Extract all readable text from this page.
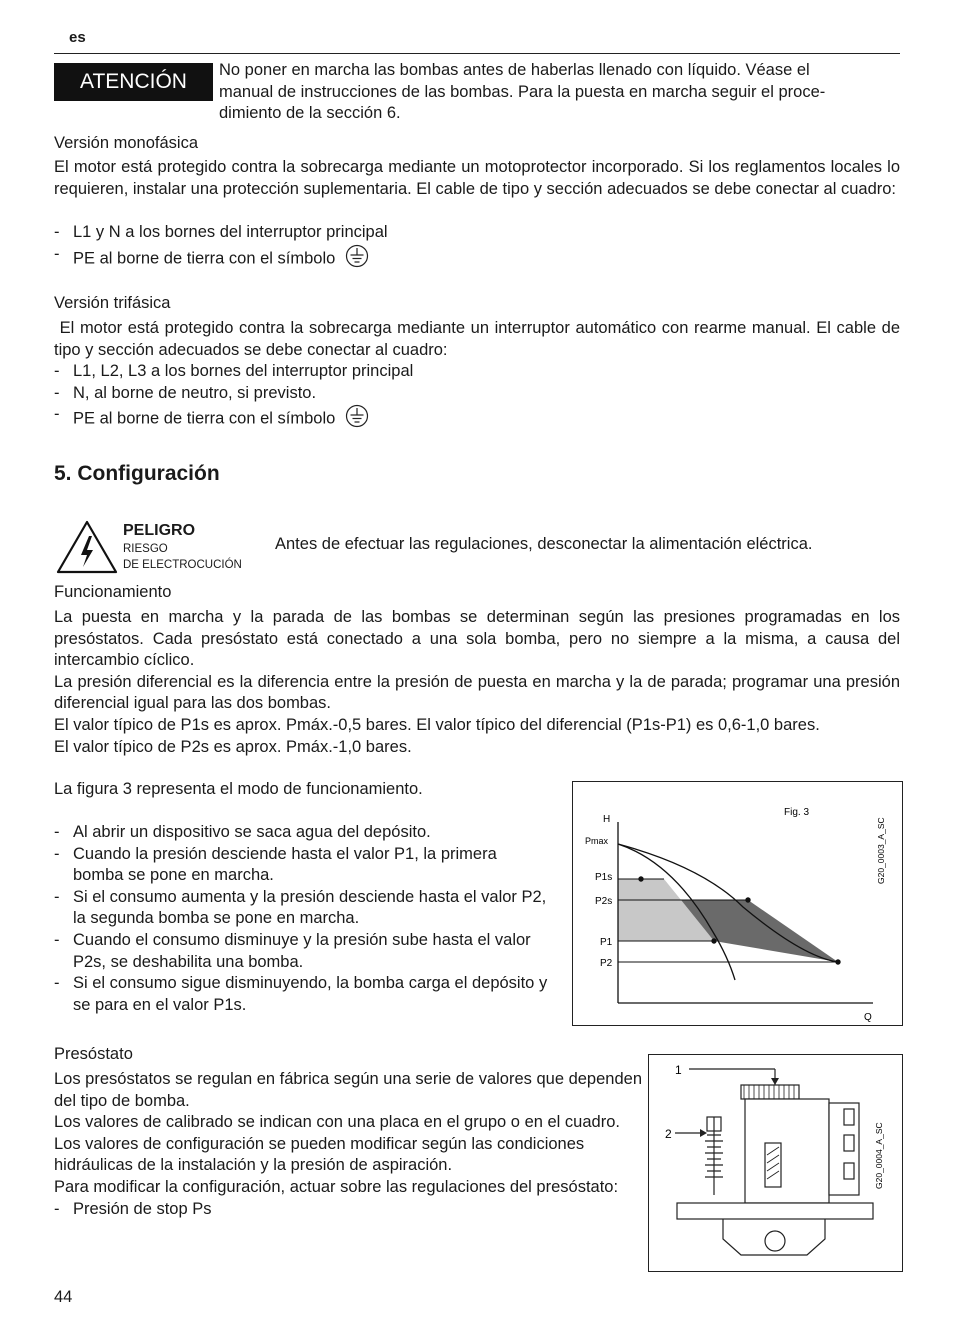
es
ATENCIÓN	No poner en marcha las bombas antes de haberlas llenado con líquido. Véase el
manual de instrucciones de las bombas. Para la puesta en marcha seguir el proce-
dimiento de la sección 6.
Versión monofásica
El motor está protegido contra la sobrecarga mediante un motoprotector incorporado. Si los reglamentos locales lo requieren, instalar una protección suplementaria. El cable de tipo y sección adecuados se debe conectar al cuadro:
- L1 y N a los bornes del interruptor principal
- PE al borne de tierra con el símbolo
Versión trifásica
El motor está protegido contra la sobrecarga mediante un interruptor automático con rearme manual. El cable de tipo y sección adecuados se debe conectar al cuadro:
- L1, L2, L3 a los bornes del interruptor principal
- N, al borne de neutro, si previsto.
- PE al borne de tierra con el símbolo
5. Configuración
PELIGRO
RIESGO
DE ELECTROCUCIÓN
Antes de efectuar las regulaciones, desconectar la alimentación eléctrica.
Funcionamiento
La puesta en marcha y la parada de las bombas se determinan según las presiones programadas en los presóstatos. Cada presóstato está conectado a una sola bomba, pero no siempre a la misma, a causa del intercambio cíclico.
La presión diferencial es la diferencia entre la presión de puesta en marcha y la de parada; programar una presión diferencial igual para las dos bombas.
El valor típico de P1s es aprox. Pmáx.-0,5 bares. El valor típico del diferencial (P1s-P1) es 0,6-1,0 bares.
El valor típico de P2s es aprox. Pmáx.-1,0 bares.
La figura 3 representa el modo de funcionamiento.
- Al abrir un dispositivo se saca agua del depósito.
- Cuando la presión desciende hasta el valor P1, la primera bomba se pone en marcha.
- Si el consumo aumenta y la presión desciende hasta el valor P2, la segunda bomba se pone en marcha.
- Cuando el consumo disminuye y la presión sube hasta el valor P2s, se deshabilita una bomba.
- Si el consumo sigue disminuyendo, la bomba carga el depósito y se para en el valor P1s.
H
Pmax
P1s
P2s
P1
P2
Q
Fig. 3
G20_0003_A_SC
Presóstato
Los presóstatos se regulan en fábrica según una serie de valores que dependen del tipo de bomba.
Los valores de calibrado se indican con una placa en el grupo o en el cuadro.
Los valores de configuración se pueden modificar según las condiciones hidráulicas de la instalación y la presión de aspiración.
Para modificar la configuración, actuar sobre las regulaciones del presóstato:
- Presión de stop Ps
1
2	G20_0004_A_SC
44
